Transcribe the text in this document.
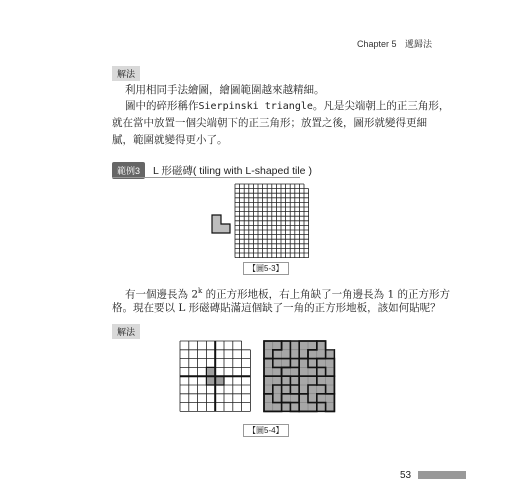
Chapter 5 遞歸法
解法
利用相同手法繪圖，繪圖範圍越來越精細。
圖中的碎形稱作Sierpinski triangle。凡是尖端朝上的正三角形，
就在當中放置一個尖端朝下的正三角形；放置之後，圖形就變得更細
膩，範圍就變得更小了。
範例3	L 形磁磚( tiling with L-shaped tile )
【圖5-3】
有一個邊長為 2$^k$ 的正方形地板，右上角缺了一角邊長為 1 的正方形方
格。現在要以 L 形磁磚貼滿這個缺了一角的正方形地板，該如何貼呢？
解法
【圖5-4】
53
